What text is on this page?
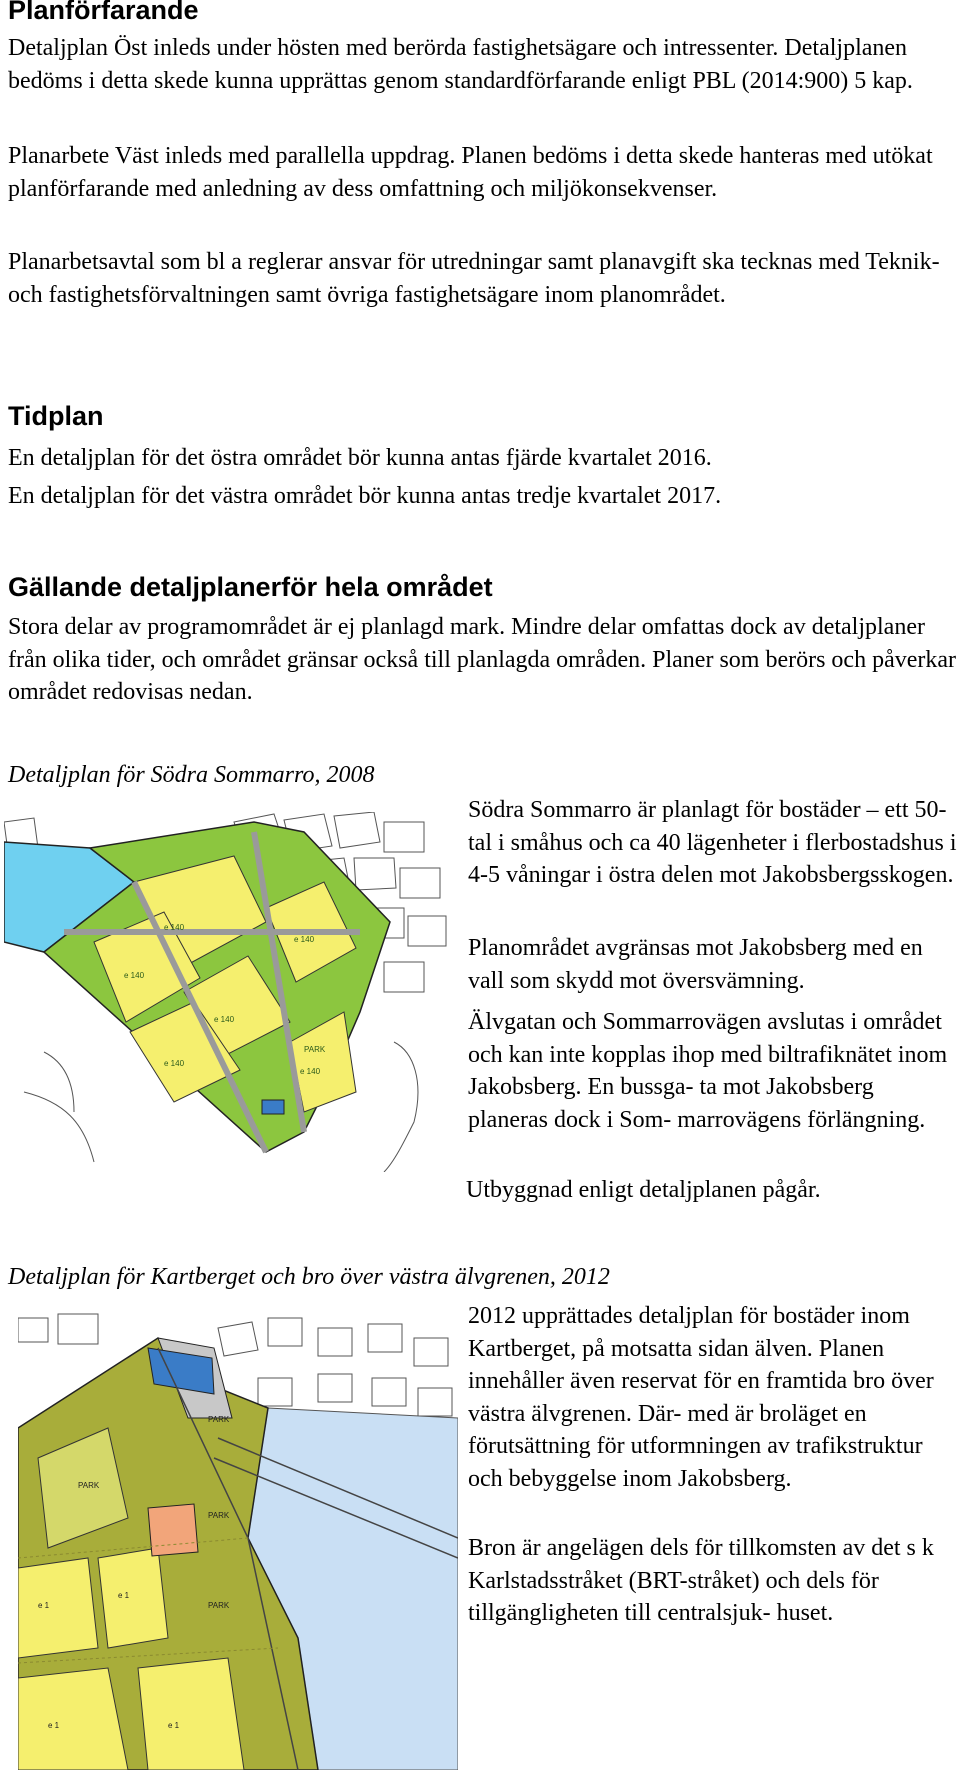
Planförfarande

Detaljplan Öst inleds under hösten med berörda fastighetsägare och intressenter. Detaljplanen bedöms i detta skede kunna upprättas genom standardförfarande enligt PBL (2014:900) 5 kap.

Planarbete Väst inleds med parallella uppdrag. Planen bedöms i detta skede hanteras med utökat planförfarande med anledning av dess omfattning och miljökonsekvenser.

Planarbetsavtal som bl a reglerar ansvar för utredningar samt planavgift ska tecknas med Teknik- och fastighetsförvaltningen samt övriga fastighetsägare inom planområdet.

Tidplan

En detaljplan för det östra området bör kunna antas fjärde kvartalet 2016.

En detaljplan för det västra området bör kunna antas tredje kvartalet 2017.

Gällande detaljplanerför hela området

Stora delar av programområdet är ej planlagd mark. Mindre delar omfattas dock av detaljplaner från olika tider, och området gränsar också till planlagda områden. Planer som berörs och påverkar området redovisas nedan.

Detaljplan för Södra Sommarro, 2008

e 140
e 140
e 140
e 140
e 140
e 140
PARK

Södra Sommarro är planlagt för bostäder – ett 50-tal i småhus och ca 40 lägenheter i flerbostadshus i 4-5 våningar i östra delen mot Jakobsbergsskogen.

Planområdet avgränsas mot Jakobsberg med en vall som skydd mot översvämning.

Älvgatan och Sommarrovägen avslutas i området och kan inte kopplas ihop med biltrafiknätet inom Jakobsberg. En bussga- ta mot Jakobsberg planeras dock i Som- marrovägens förlängning.

Utbyggnad enligt detaljplanen pågår.

Detaljplan för Kartberget och bro över västra älvgrenen, 2012

PARK
PARK
PARK
PARK
e 1
e 1
e 1	e 1

2012 upprättades detaljplan för bostäder inom Kartberget, på motsatta sidan älven. Planen innehåller även reservat för en framtida bro över västra älvgrenen. Där- med är broläget en förutsättning för utformningen av trafikstruktur och bebyggelse inom Jakobsberg.

Bron är angelägen dels för tillkomsten av det s k Karlstadsstråket (BRT-stråket) och dels för tillgängligheten till centralsjuk- huset.
